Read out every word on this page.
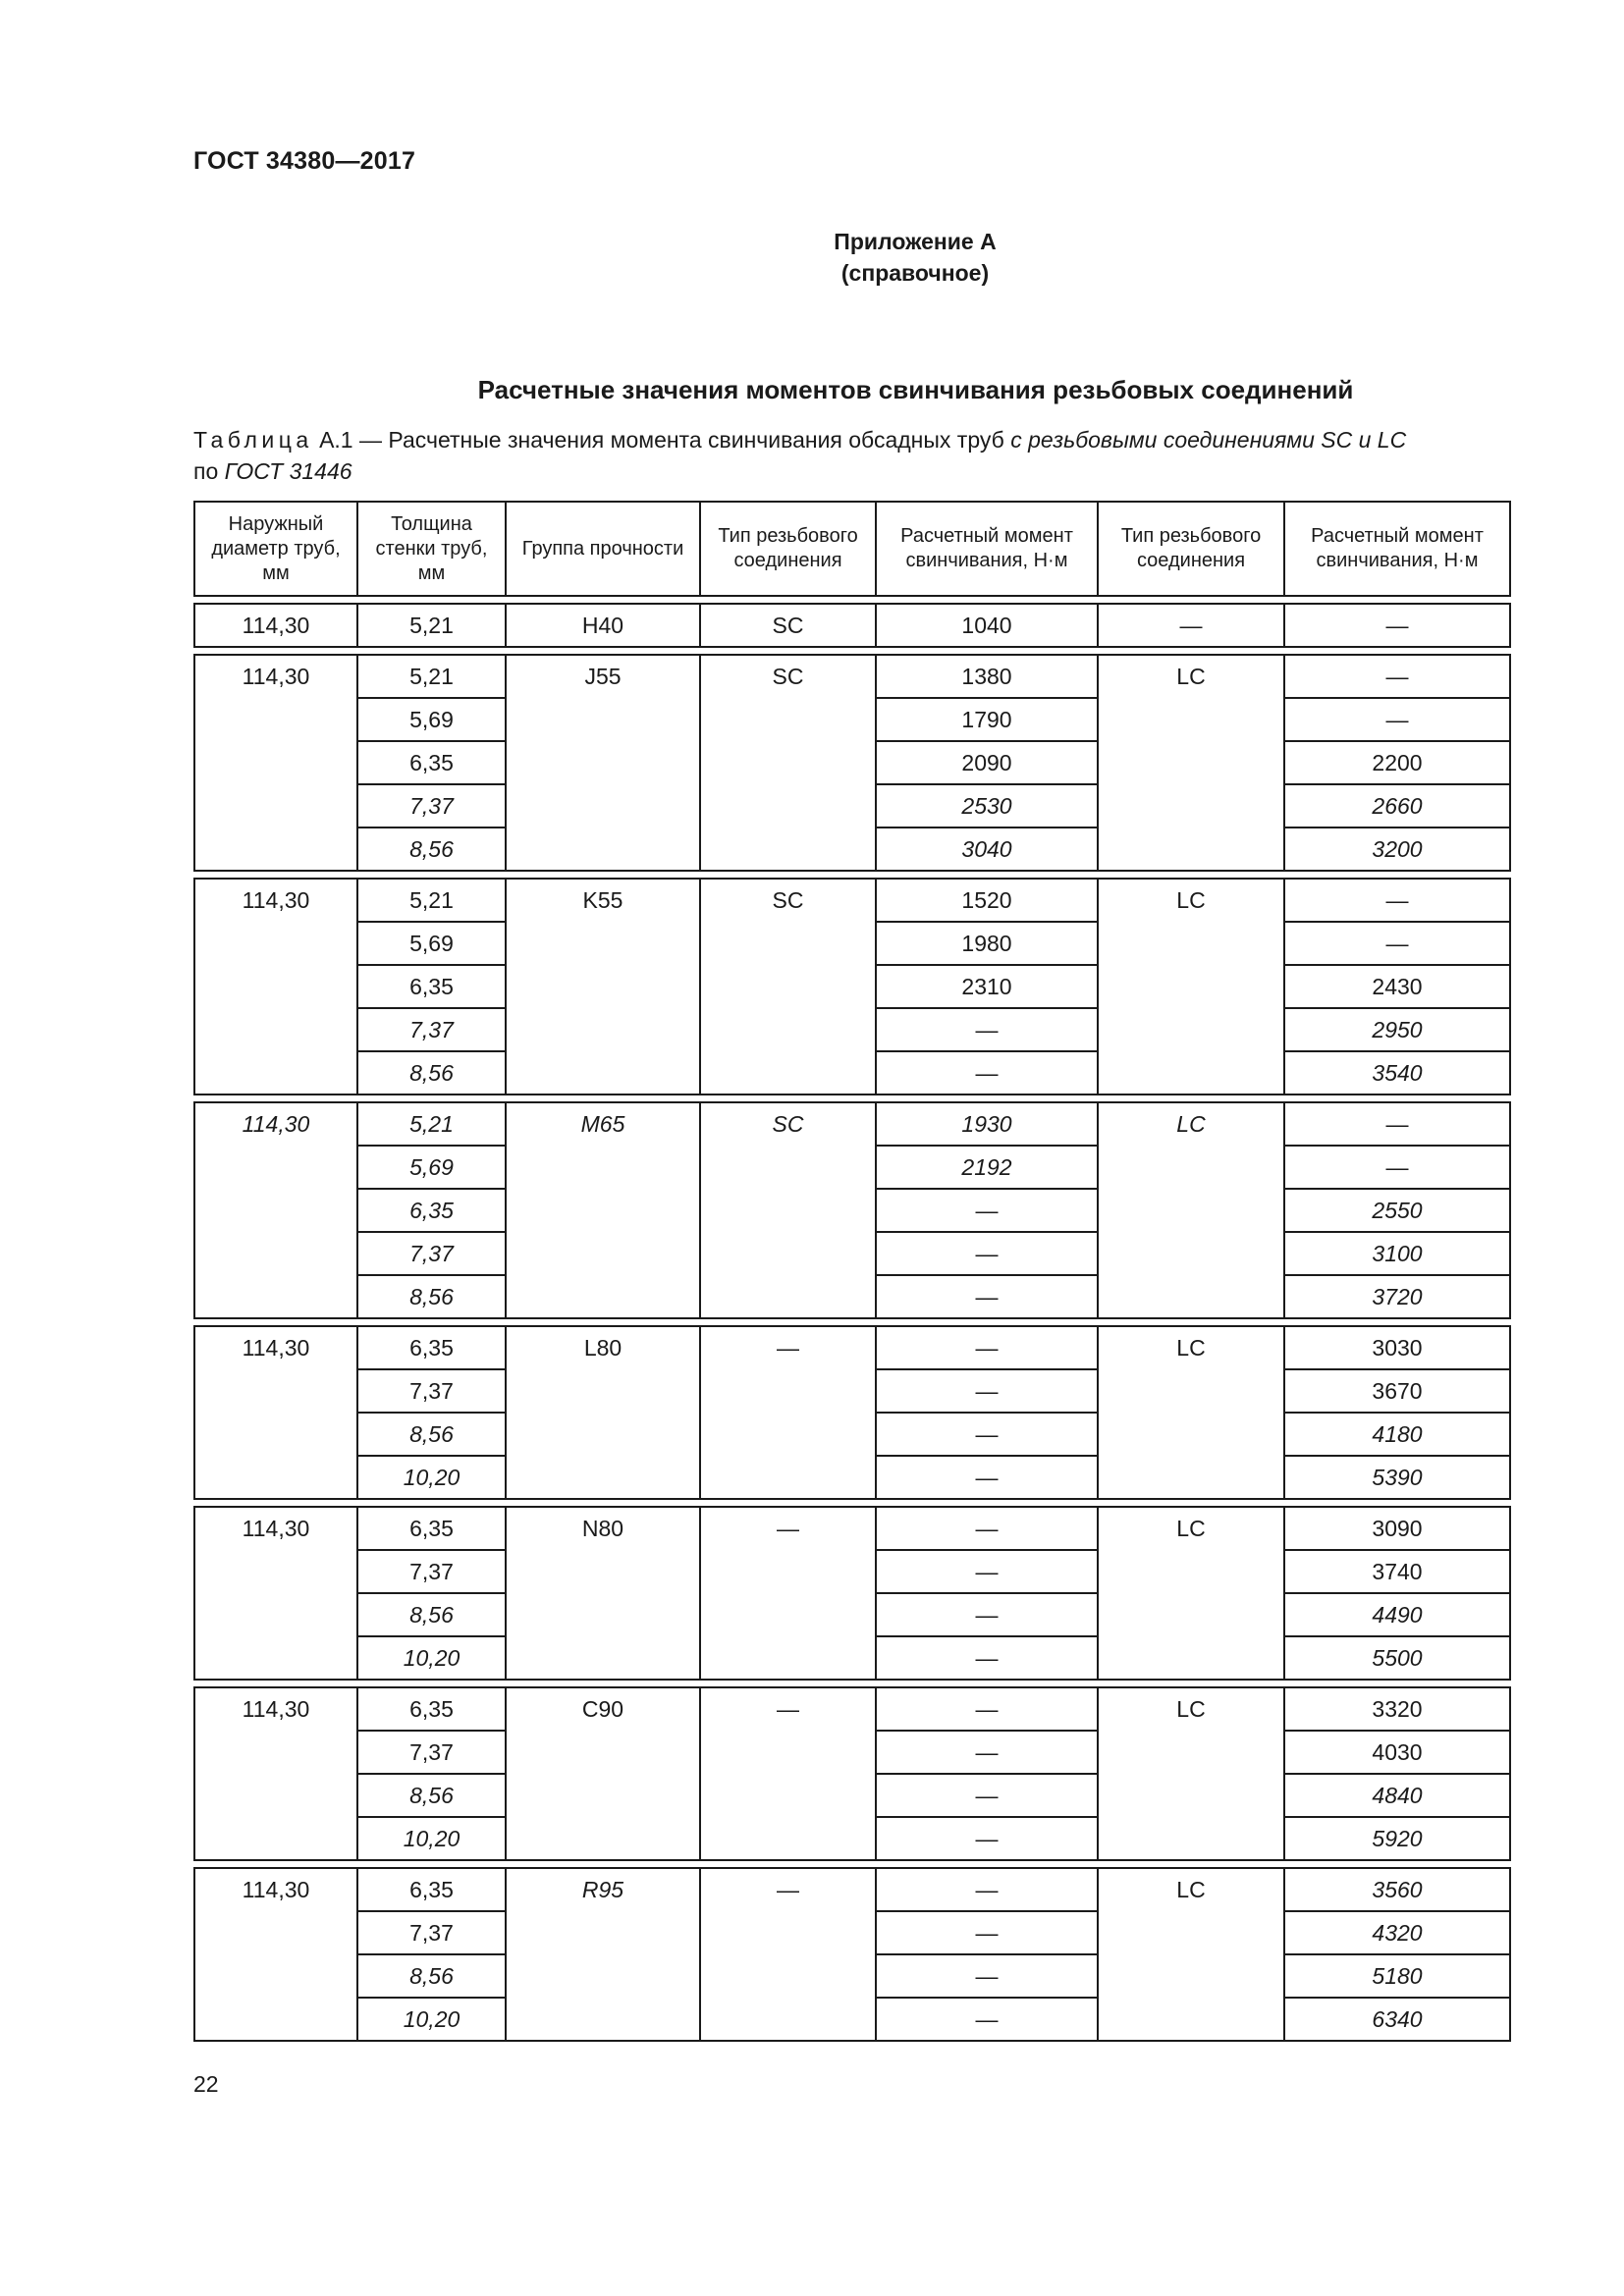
ГОСТ 34380—2017
Приложение А
(справочное)
Расчетные значения моментов свинчивания резьбовых соединений
Таблица А.1 — Расчетные значения момента свинчивания обсадных труб с резьбовыми соединениями SC и LC
по ГОСТ 31446
Наружный диаметр труб, мм	Толщина стенки труб, мм	Группа прочности	Тип резьбового соединения	Расчетный момент свинчивания, Н·м	Тип резьбового соединения	Расчетный момент свинчивания, Н·м

114,30	5,21	H40	SC	1040	—	—

114,30	5,21	J55	SC	1380	LC	—
	5,69			1790		—
	6,35			2090		2200
	7,37			2530		2660
	8,56			3040		3200

114,30	5,21	K55	SC	1520	LC	—
	5,69			1980		—
	6,35			2310		2430
	7,37			—		2950
	8,56			—		3540

114,30	5,21	M65	SC	1930	LC	—
	5,69			2192		—
	6,35			—		2550
	7,37			—		3100
	8,56			—		3720

114,30	6,35	L80	—	—	LC	3030
	7,37			—		3670
	8,56			—		4180
	10,20			—		5390

114,30	6,35	N80	—	—	LC	3090
	7,37			—		3740
	8,56			—		4490
	10,20			—		5500

114,30	6,35	C90	—	—	LC	3320
	7,37			—		4030
	8,56			—		4840
	10,20			—		5920

114,30	6,35	R95	—	—	LC	3560
	7,37			—		4320
	8,56			—		5180
	10,20			—		6340
22
